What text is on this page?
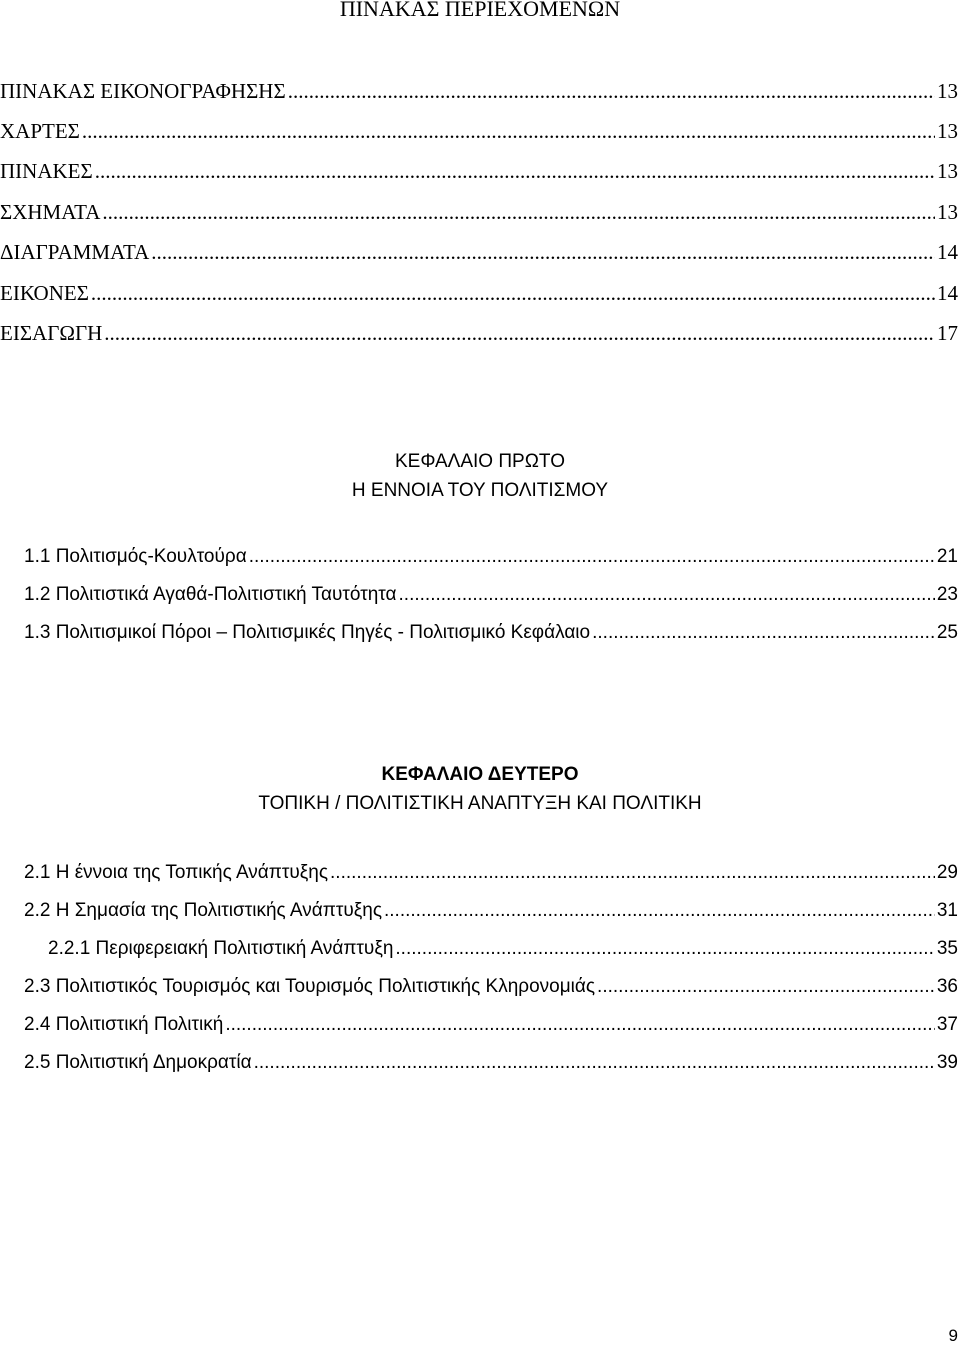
ΠΙΝΑΚΑΣ ΠΕΡΙΕΧΟΜΕΝΩΝ
ΠΙΝΑΚΑΣ ΕΙΚΟΝΟΓΡΑΦΗΣΗΣ .....	13
ΧΑΡΤΕΣ .....	13
ΠΙΝΑΚΕΣ .....	13
ΣΧΗΜΑΤΑ .....	13
ΔΙΑΓΡΑΜΜΑΤΑ .....	14
ΕΙΚΟΝΕΣ .....	14
ΕΙΣΑΓΩΓΗ .....	17
ΚΕΦΑΛΑΙΟ ΠΡΩΤΟ
Η ΕΝΝΟΙΑ ΤΟΥ ΠΟΛΙΤΙΣΜΟΥ
1.1 Πολιτισμός-Κουλτούρα .....	21
1.2 Πολιτιστικά Αγαθά-Πολιτιστική Ταυτότητα .....	23
1.3 Πολιτισμικοί Πόροι – Πολιτισμικές Πηγές - Πολιτισμικό Κεφάλαιο .....	25
ΚΕΦΑΛΑΙΟ ΔΕΥΤΕΡΟ
ΤΟΠΙΚΗ / ΠΟΛΙΤΙΣΤΙΚΗ ΑΝΑΠΤΥΞΗ ΚΑΙ ΠΟΛΙΤΙΚΗ
2.1 Η έννοια της Τοπικής Ανάπτυξης .....	29
2.2 Η Σημασία της Πολιτιστικής Ανάπτυξης .....	31
2.2.1 Περιφερειακή Πολιτιστική Ανάπτυξη .....	35
2.3 Πολιτιστικός Τουρισμός και Τουρισμός Πολιτιστικής Κληρονομιάς .....	36
2.4 Πολιτιστική Πολιτική .....	37
2.5 Πολιτιστική Δημοκρατία .....	39
9
